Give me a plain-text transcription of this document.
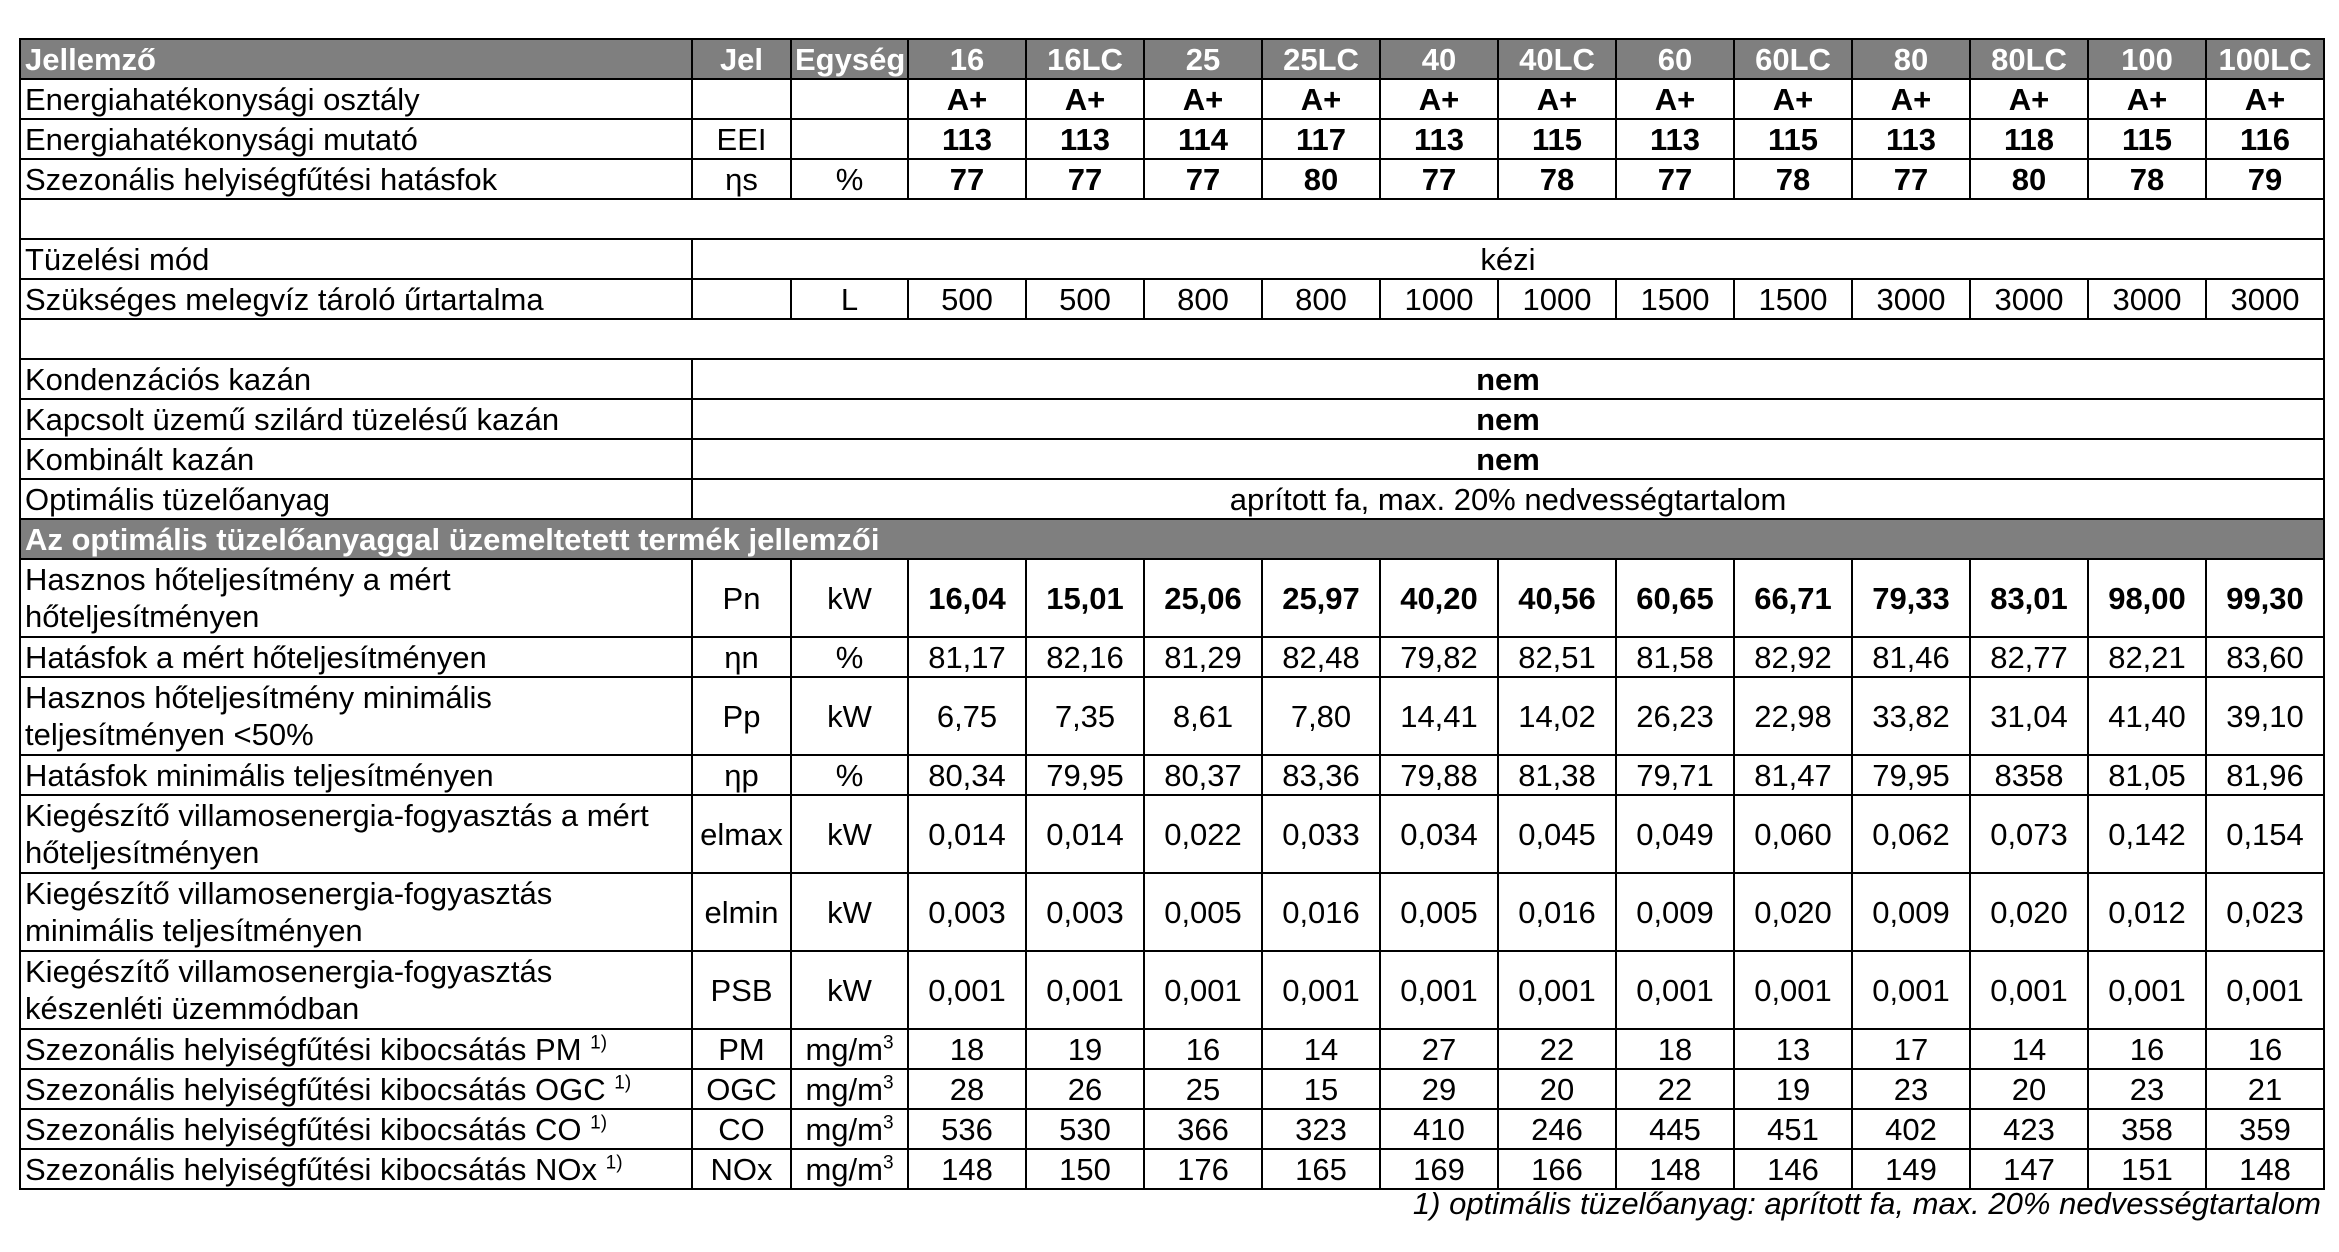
Jellemző	Jel	Egység	16	16LC	25	25LC	40	40LC	60	60LC	80	80LC	100	100LC
Energiahatékonysági osztály			A+	A+	A+	A+	A+	A+	A+	A+	A+	A+	A+	A+
Energiahatékonysági mutató	EEI		113	113	114	117	113	115	113	115	113	118	115	116
Szezonális helyiségfűtési hatásfok	ηs	%	77	77	77	80	77	78	77	78	77	80	78	79

Tüzelési mód	kézi													
Szükséges melegvíz tároló űrtartalma		L	500	500	800	800	1000	1000	1500	1500	3000	3000	3000	3000

Kondenzációs kazán	nem													
Kapcsolt üzemű szilárd tüzelésű kazán	nem													
Kombinált kazán	nem													
Optimális tüzelőanyag	aprított fa, max. 20% nedvességtartalom													
Az optimális tüzelőanyaggal üzemeltetett termék jellemzői														
Hasznos hőteljesítmény a mért hőteljesítményen	Pn	kW	16,04	15,01	25,06	25,97	40,20	40,56	60,65	66,71	79,33	83,01	98,00	99,30
Hatásfok a mért hőteljesítményen	ηn	%	81,17	82,16	81,29	82,48	79,82	82,51	81,58	82,92	81,46	82,77	82,21	83,60
Hasznos hőteljesítmény minimális teljesítményen <50%	Pp	kW	6,75	7,35	8,61	7,80	14,41	14,02	26,23	22,98	33,82	31,04	41,40	39,10
Hatásfok minimális teljesítményen	ηp	%	80,34	79,95	80,37	83,36	79,88	81,38	79,71	81,47	79,95	8358	81,05	81,96
Kiegészítő villamosenergia-fogyasztás a mért hőteljesítményen	elmax	kW	0,014	0,014	0,022	0,033	0,034	0,045	0,049	0,060	0,062	0,073	0,142	0,154
Kiegészítő villamosenergia-fogyasztás minimális teljesítményen	elmin	kW	0,003	0,003	0,005	0,016	0,005	0,016	0,009	0,020	0,009	0,020	0,012	0,023
Kiegészítő villamosenergia-fogyasztás készenléti üzemmódban	PSB	kW	0,001	0,001	0,001	0,001	0,001	0,001	0,001	0,001	0,001	0,001	0,001	0,001
Szezonális helyiségfűtési kibocsátás PM $^{1)}$	PM	$mg/m^3$	18	19	16	14	27	22	18	13	17	14	16	16
Szezonális helyiségfűtési kibocsátás OGC $^{1)}$	OGC	$mg/m^3$	28	26	25	15	29	20	22	19	23	20	23	21
Szezonális helyiségfűtési kibocsátás CO $^{1)}$	CO	$mg/m^3$	536	530	366	323	410	246	445	451	402	423	358	359
Szezonális helyiségfűtési kibocsátás NOx $^{1)}$	NOx	$mg/m^3$	148	150	176	165	169	166	148	146	149	147	151	148
1) optimális tüzelőanyag: aprított fa, max. 20% nedvességtartalom
